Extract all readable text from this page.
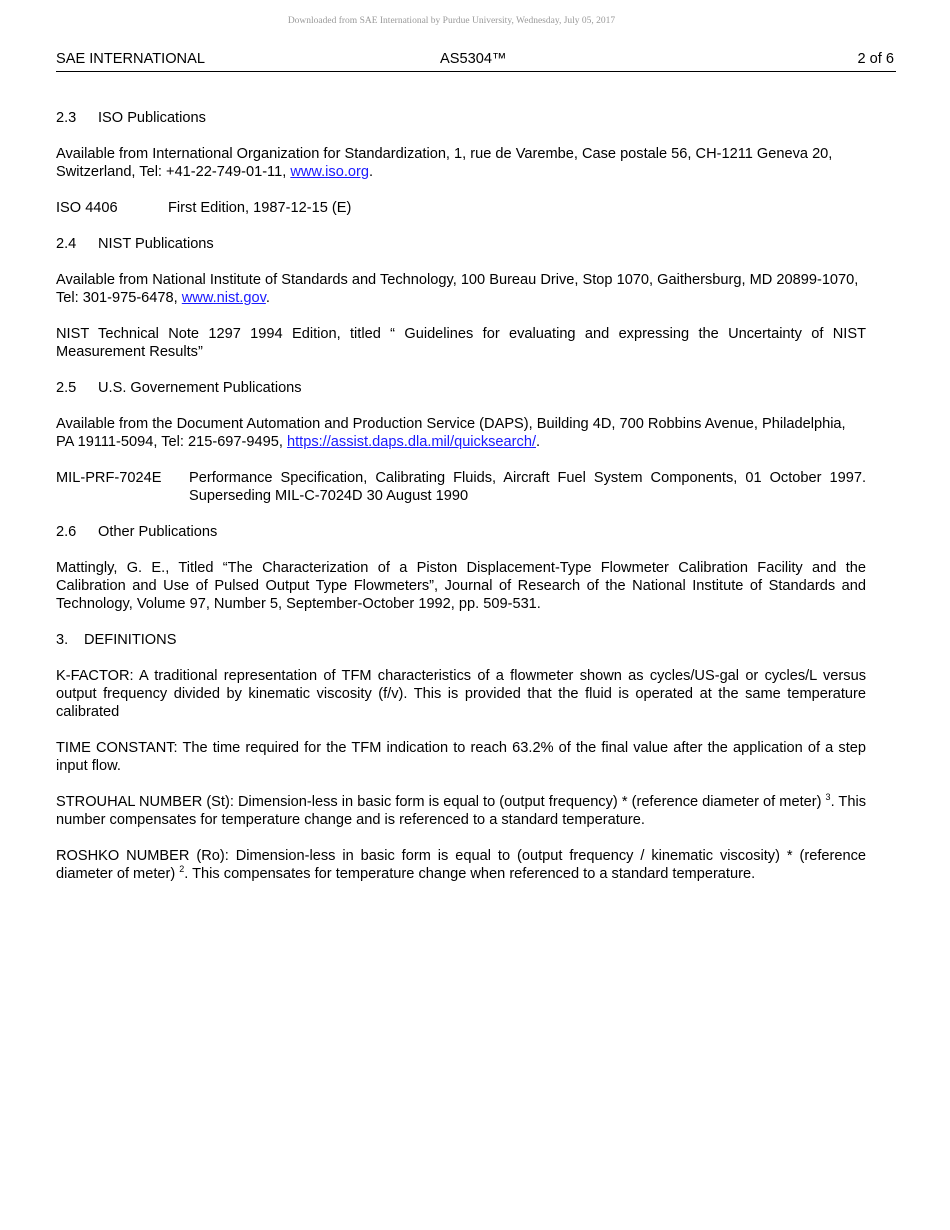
Downloaded from SAE International by Purdue University, Wednesday, July 05, 2017
SAE INTERNATIONAL	AS5304™	2 of 6
2.3	ISO Publications

Available from International Organization for Standardization, 1, rue de Varembe, Case postale 56, CH-1211 Geneva 20, Switzerland, Tel: +41-22-749-01-11, www.iso.org.

ISO 4406	First Edition, 1987-12-15 (E)
2.4	NIST Publications

Available from National Institute of Standards and Technology, 100 Bureau Drive, Stop 1070, Gaithersburg, MD 20899-1070, Tel: 301-975-6478, www.nist.gov.

NIST Technical Note 1297 1994 Edition, titled “ Guidelines for evaluating and expressing the Uncertainty of NIST Measurement Results”

2.5	U.S. Governement Publications

Available from the Document Automation and Production Service (DAPS), Building 4D, 700 Robbins Avenue, Philadelphia, PA 19111-5094, Tel: 215-697-9495, https://assist.daps.dla.mil/quicksearch/.

MIL-PRF-7024E	Performance Specification, Calibrating Fluids, Aircraft Fuel System Components, 01 October 1997. Superseding MIL-C-7024D 30 August 1990
2.6	Other Publications

Mattingly, G. E., Titled “The Characterization of a Piston Displacement-Type Flowmeter Calibration Facility and the Calibration and Use of Pulsed Output Type Flowmeters”, Journal of Research of the National Institute of Standards and Technology, Volume 97, Number 5, September-October 1992, pp. 509-531.

3.	DEFINITIONS

K-FACTOR: A traditional representation of TFM characteristics of a flowmeter shown as cycles/US-gal or cycles/L versus output frequency divided by kinematic viscosity (f/v). This is provided that the fluid is operated at the same temperature calibrated

TIME CONSTANT: The time required for the TFM indication to reach 63.2% of the final value after the application of a step input flow.

STROUHAL NUMBER (St): Dimension-less in basic form is equal to (output frequency) * (reference diameter of meter) $^3$. This number compensates for temperature change and is referenced to a standard temperature.

ROSHKO NUMBER (Ro): Dimension-less in basic form is equal to (output frequency / kinematic viscosity) * (reference diameter of meter) $^2$. This compensates for temperature change when referenced to a standard temperature.
